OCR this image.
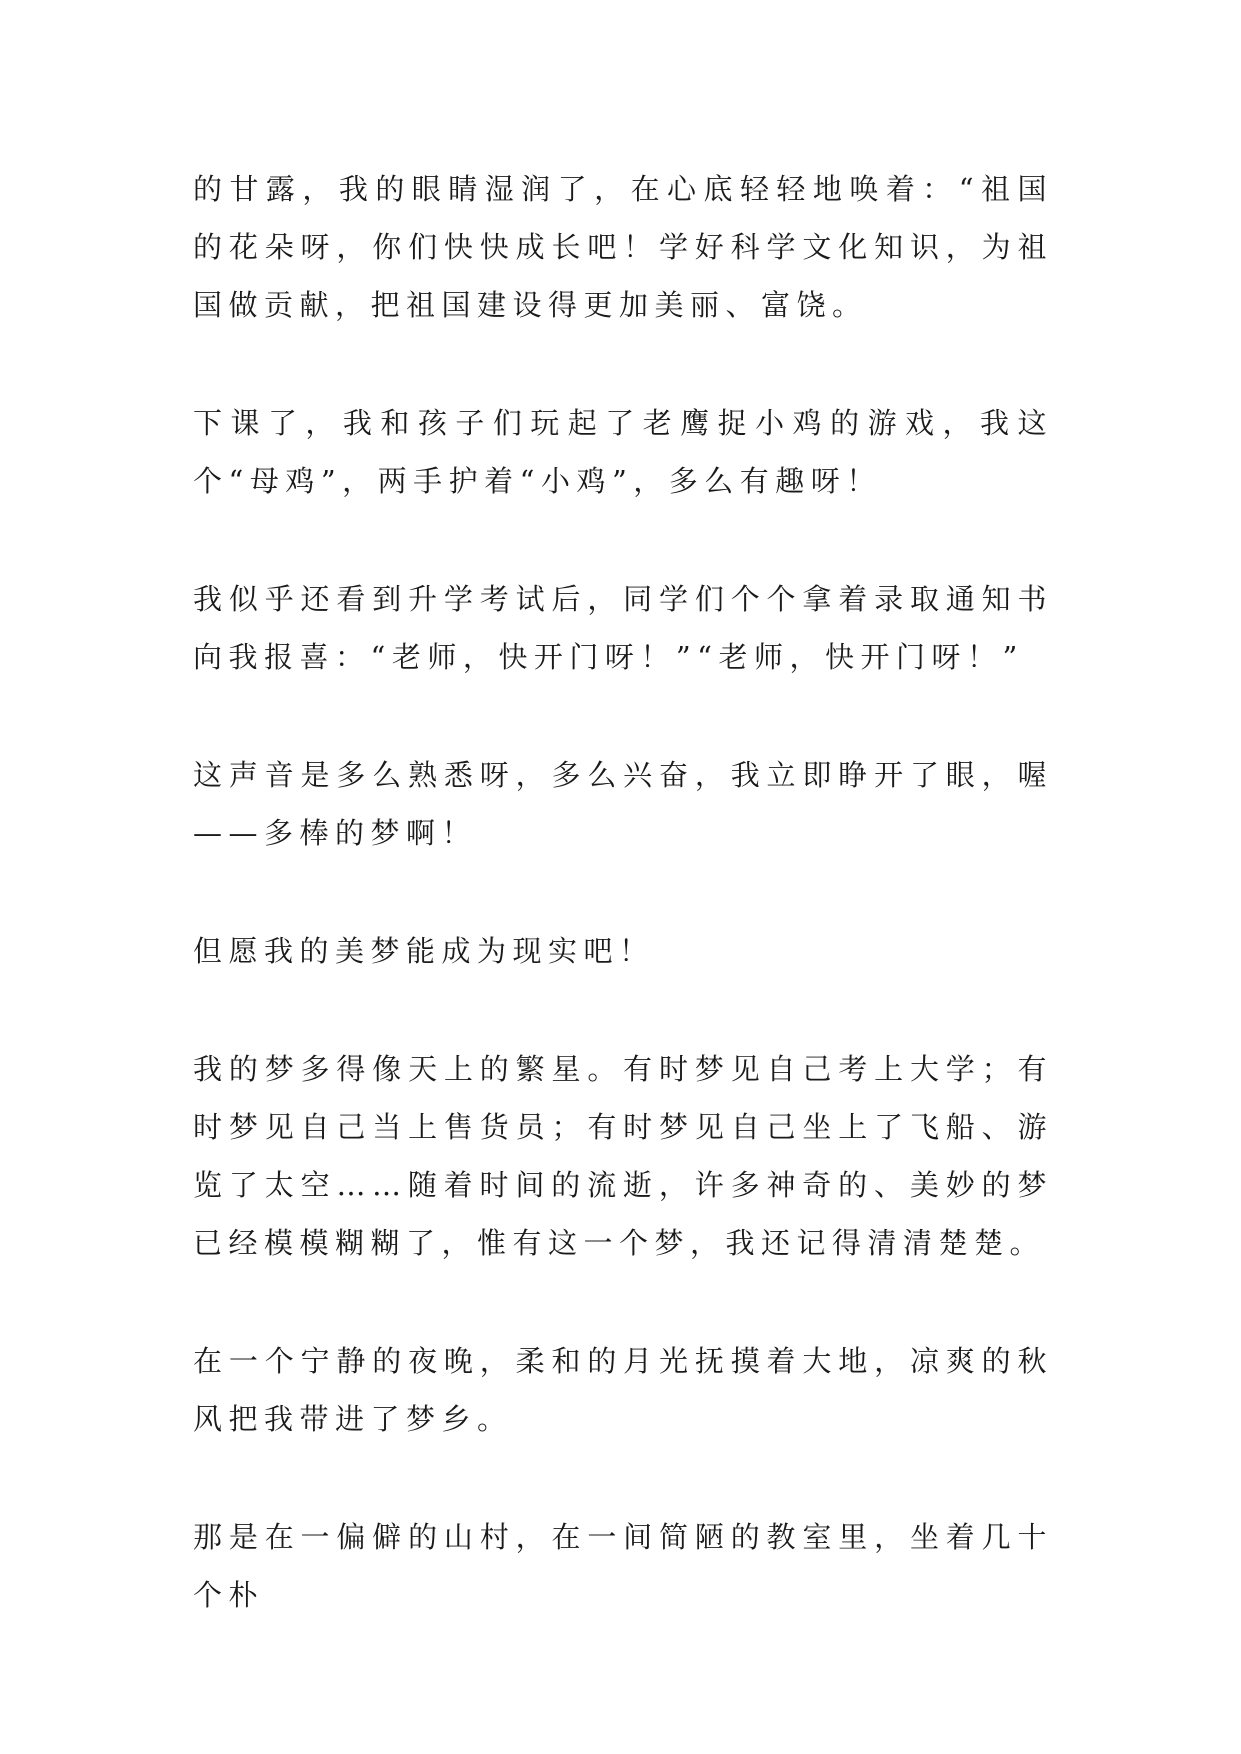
的甘露，我的眼睛湿润了，在心底轻轻地唤着：“祖国的花朵呀，你们快快成长吧！学好科学文化知识，为祖国做贡献，把祖国建设得更加美丽、富饶。

下课了，我和孩子们玩起了老鹰捉小鸡的游戏，我这个“母鸡”，两手护着“小鸡”，多么有趣呀！

我似乎还看到升学考试后，同学们个个拿着录取通知书向我报喜：“老师，快开门呀！”“老师，快开门呀！”

这声音是多么熟悉呀，多么兴奋，我立即睁开了眼，喔——多棒的梦啊！

但愿我的美梦能成为现实吧！

我的梦多得像天上的繁星。有时梦见自己考上大学；有时梦见自己当上售货员；有时梦见自己坐上了飞船、游览了太空……随着时间的流逝，许多神奇的、美妙的梦已经模模糊糊了，惟有这一个梦，我还记得清清楚楚。

在一个宁静的夜晚，柔和的月光抚摸着大地，凉爽的秋风把我带进了梦乡。

那是在一偏僻的山村，在一间简陋的教室里，坐着几十个朴
